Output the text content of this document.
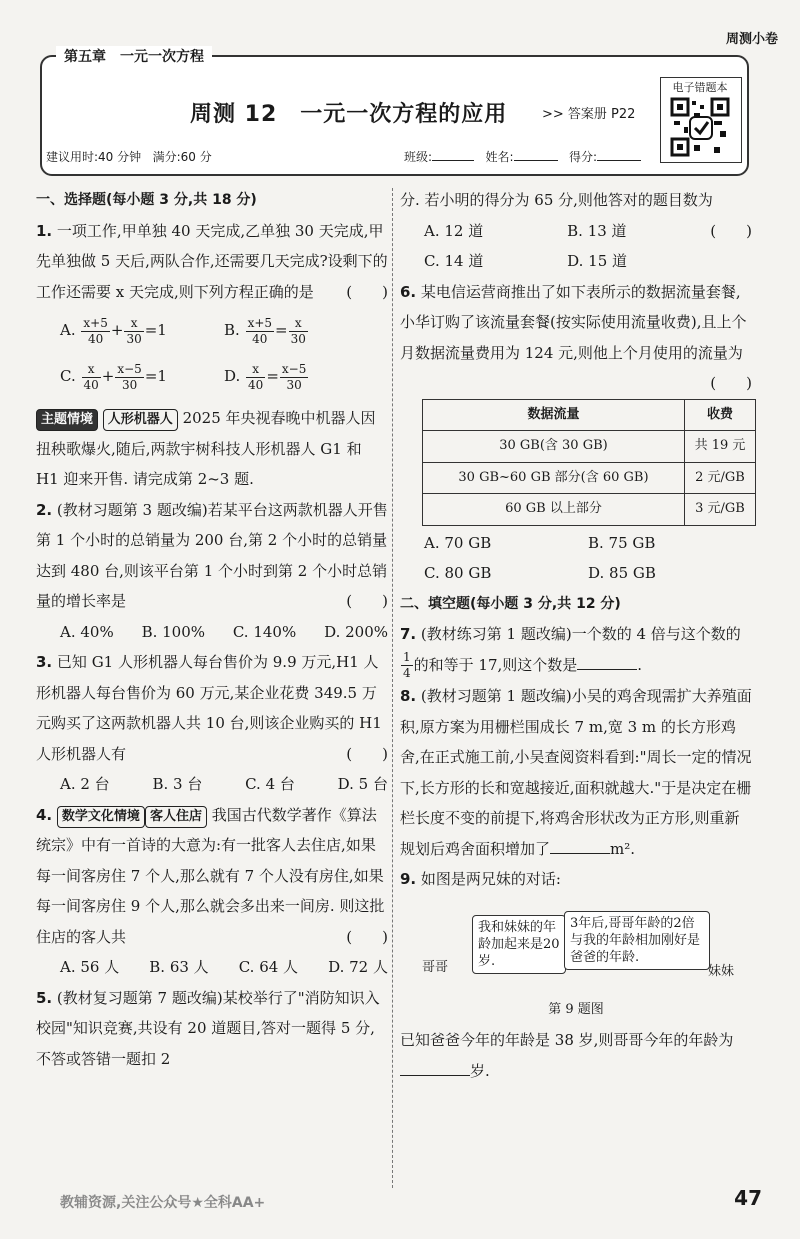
周测小卷
第五章　一元一次方程
周测 12　一元一次方程的应用	>> 答案册 P22
电子错题本
建议用时:40 分钟 满分:60 分	班级:	姓名:	得分:

一、选择题(每小题 3 分,共 18 分)

1. 一项工作,甲单独 40 天完成,乙单独 30 天完成,甲先单独做 5 天后,两队合作,还需要几天完成?设剩下的工作还需要 x 天完成,则下列方程正确的是 (　　)

A. $\frac{x+5}{40} + \frac{x}{30} =1$	B. $\frac{x+5}{40} = \frac{x}{30}$
C. $\frac{x}{40} + \frac{x-5}{30} =1$	D. $\frac{x}{40} = \frac{x-5}{30}$

主题情境 人形机器人 2025 年央视春晚中机器人因扭秧歌爆火,随后,两款宇树科技人形机器人 G1 和 H1 迎来开售. 请完成第 2~3 题.

2. (教材习题第 3 题改编)若某平台这两款机器人开售第 1 个小时的总销量为 200 台,第 2 个小时的总销量达到 480 台,则该平台第 1 个小时到第 2 个小时总销量的增长率是	(　　)

A. 40% B. 100% C. 140% D. 200%

3. 已知 G1 人形机器人每台售价为 9.9 万元,H1 人形机器人每台售价为 60 万元,某企业花费 349.5 万元购买了这两款机器人共 10 台,则该企业购买的 H1 人形机器人有	(　　)

A. 2 台	B. 3 台	C. 4 台	D. 5 台

4. 数学文化情境 客人住店 我国古代数学著作《算法统宗》中有一首诗的大意为:有一批客人去住店,如果每一间客房住 7 个人,那么就有 7 个人没有房住,如果每一间客房住 9 个人,那么就会多出来一间房. 则这批住店的客人共	(　　)

A. 56 人 B. 63 人 C. 64 人 D. 72 人

5. (教材复习题第 7 题改编)某校举行了"消防知识入校园"知识竞赛,共设有 20 道题目,答对一题得 5 分,不答或答错一题扣 2

分. 若小明的得分为 65 分,则他答对的题目数为
(　　)

A. 12 道	B. 13 道
C. 14 道	D. 15 道

6. 某电信运营商推出了如下表所示的数据流量套餐,小华订购了该流量套餐(按实际使用流量收费),且上个月数据流量费用为 124 元,则他上个月使用的流量为
(　　)

数据流量	收费
30 GB(含 30 GB)	共 19 元
30 GB~60 GB 部分(含 60 GB)	2 元/GB
60 GB 以上部分	3 元/GB
A. 70 GB	B. 75 GB
C. 80 GB	D. 85 GB

二、填空题(每小题 3 分,共 12 分)

7. (教材练习第 1 题改编)一个数的 4 倍与这个数的
$\frac{1}{4}$ 的和等于 17,则这个数是	.

8. (教材习题第 1 题改编)小吴的鸡舍现需扩大养殖面积,原方案为用栅栏围成长 7 m,宽 3 m 的长方形鸡舍,在正式施工前,小吴查阅资料看到:"周长一定的情况下,长方形的长和宽越接近,面积就越大."于是决定在栅栏长度不变的前提下,将鸡舍形状改为正方形,则重新规划后鸡舍面积增加了	m².

9. 如图是两兄妹的对话:

哥哥
我和妹妹的年龄加起来是20岁.
3年后,哥哥年龄的2倍与我的年龄相加刚好是爸爸的年龄.
妹妹

第 9 题图

已知爸爸今年的年龄是 38 岁,则哥哥今年的年龄为岁.

教辅资源,关注公众号★全科AA+	47
